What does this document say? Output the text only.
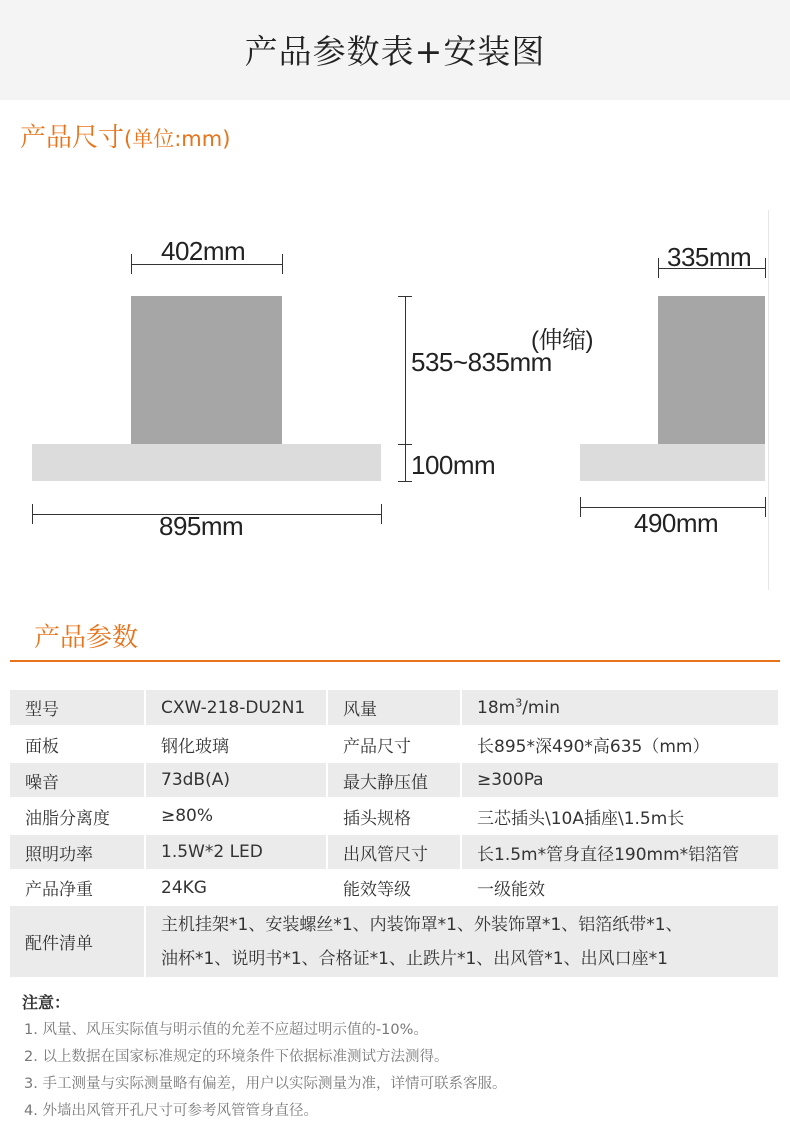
产品参数表+安装图
产品尺寸(单位:mm)
402mm
895mm
(伸缩)
535~835mm
100mm
335mm
490mm
产品参数
型号	CXW-218-DU2N1	风量	$18m^3/\min$
面板	钢化玻璃	产品尺寸	长895*深490*高635（mm）
噪音	73dB(A)	最大静压值	≥300Pa
油脂分离度	≥80%	插头规格	三芯插头\10A插座\1.5m长
照明功率	1.5W*2 LED	出风管尺寸	长1.5m*管身直径190mm*铝箔管
产品净重	24KG	能效等级	一级能效
配件清单	主机挂架*1、安装螺丝*1、内装饰罩*1、外装饰罩*1、铝箔纸带*1、
油杯*1、说明书*1、合格证*1、止跌片*1、出风管*1、出风口座*1		
注意：
1. 风量、风压实际值与明示值的允差不应超过明示值的-10%。
2. 以上数据在国家标准规定的环境条件下依据标准测试方法测得。
3. 手工测量与实际测量略有偏差，用户以实际测量为准，详情可联系客服。
4. 外墙出风管开孔尺寸可参考风管管身直径。
